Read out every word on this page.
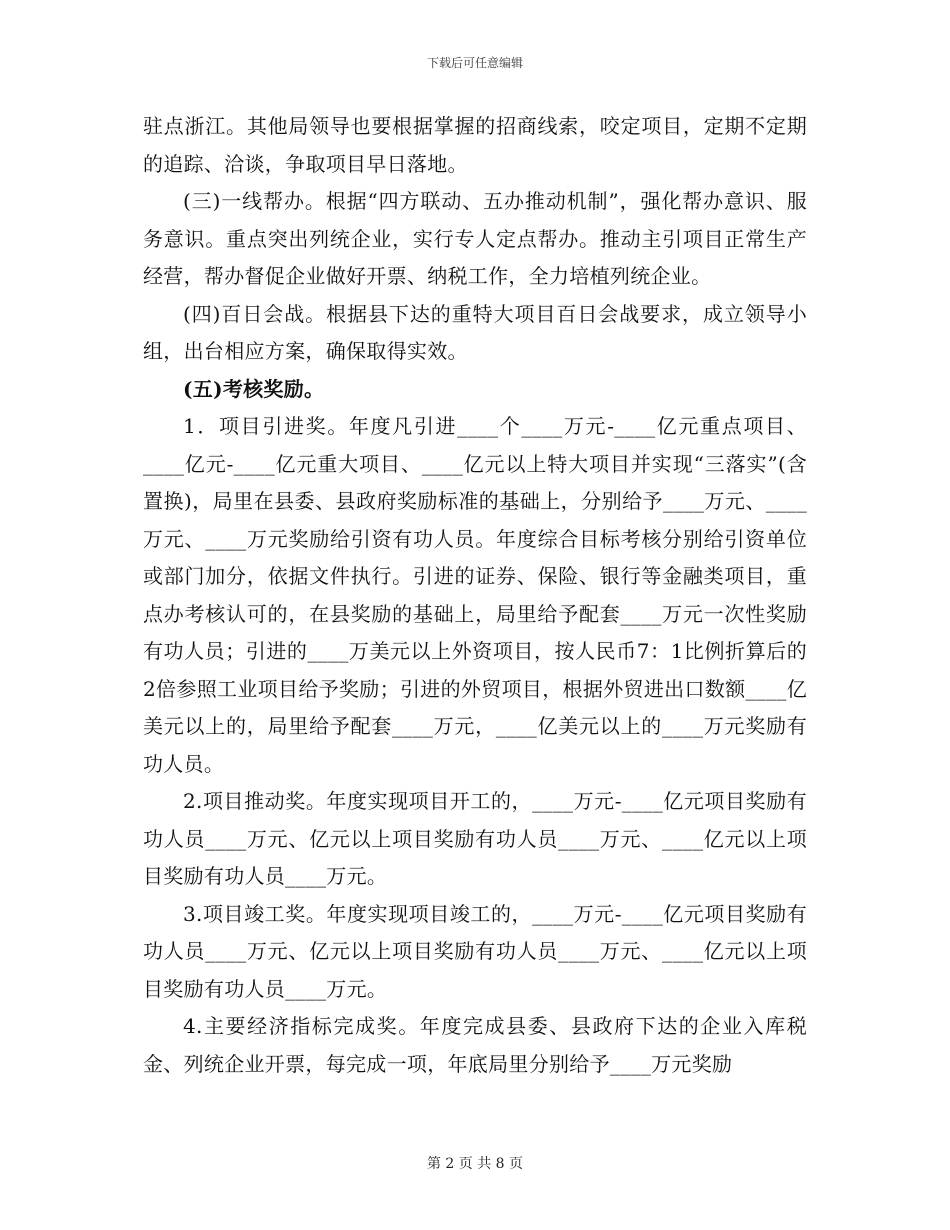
下载后可任意编辑

驻点浙江。其他局领导也要根据掌握的招商线索，咬定项目，定期不定期的追踪、洽谈，争取项目早日落地。

(三)一线帮办。根据“四方联动、五办推动机制”，强化帮办意识、服务意识。重点突出列统企业，实行专人定点帮办。推动主引项目正常生产经营，帮办督促企业做好开票、纳税工作，全力培植列统企业。

(四)百日会战。根据县下达的重特大项目百日会战要求，成立领导小组，出台相应方案，确保取得实效。

(五)考核奖励。

1．项目引进奖。年度凡引进____个____万元-____亿元重点项目、____亿元-____亿元重大项目、____亿元以上特大项目并实现“三落实”(含置换)，局里在县委、县政府奖励标准的基础上，分别给予____万元、____万元、____万元奖励给引资有功人员。年度综合目标考核分别给引资单位或部门加分，依据文件执行。引进的证券、保险、银行等金融类项目，重点办考核认可的，在县奖励的基础上，局里给予配套____万元一次性奖励有功人员；引进的____万美元以上外资项目，按人民币7：1比例折算后的2倍参照工业项目给予奖励；引进的外贸项目，根据外贸进出口数额____亿美元以上的，局里给予配套____万元，____亿美元以上的____万元奖励有功人员。

2.项目推动奖。年度实现项目开工的，____万元-____亿元项目奖励有功人员____万元、亿元以上项目奖励有功人员____万元、____亿元以上项目奖励有功人员____万元。

3.项目竣工奖。年度实现项目竣工的，____万元-____亿元项目奖励有功人员____万元、亿元以上项目奖励有功人员____万元、____亿元以上项目奖励有功人员____万元。

4.主要经济指标完成奖。年度完成县委、县政府下达的企业入库税金、列统企业开票，每完成一项，年底局里分别给予____万元奖励

第 2 页 共 8 页
